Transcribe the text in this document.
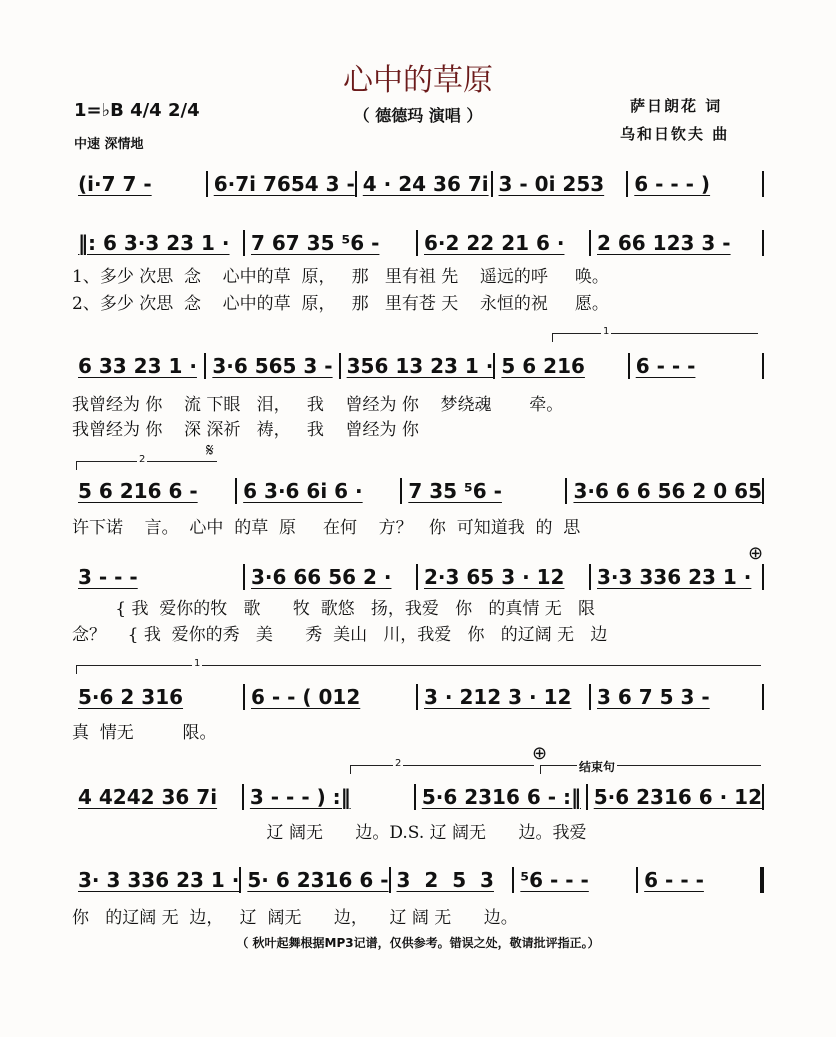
心中的草原
（ 德德玛 演唱 ）
1=♭B 4/4 2/4
中速 深情地
萨日朗花 词
乌和日钦夫 曲
1
2	𝄋
⊕
1
2	⊕
结束句
(i·7 7 -	6·7i 7654 3 - 4 · 24 36 7i 3 - 0i 253	6 - - - )
‖: 6 3·3 23 1 ·	7 67 35 ⁵6 -	6·2 22 21 6 ·	2 66 123 3 -
1、多少 次思  念    心中的草  原，   那   里有祖 先    遥远的呼     唤。
2、多少 次思  念    心中的草  原，   那   里有苍 天    永恒的祝     愿。
6 33 23 1 · 3·6 565 3 - 356 13 23 1 · 5 6 216	6 - - -
我曾经为 你    流 下眼   泪，   我    曾经为 你    梦绕魂       牵。
我曾经为 你    深 深祈   祷，   我    曾经为 你
5 6 216 6 -	6 3·6 6i 6 ·	7 35 ⁵6 -	3·6 6 6 56 2 0 65
许下诺    言。  心中  的草  原     在何    方？   你  可知道我  的  思
3 - - -	3·6 66 56 2 ·	2·3 65 3 · 12	3·3 336 23 1 ·
{ 我  爱你的牧   歌      牧  歌悠   扬，我爱   你   的真情 无   限
念？    { 我  爱你的秀   美      秀  美山   川，我爱   你   的辽阔 无   边
5·6 2 316	6 - - ( 012	3 · 212 3 · 12	3 6 7 5 3 -
真  情无         限。
4 4242 36 7i	3 - - - ) :‖	5·6 2316 6 - :‖ 5·6 2316 6 · 12
辽 阔无      边。D.S. 辽 阔无      边。我爱
3· 3 336 23 1 · 5· 6 2316 6 - 3  2  5  3	⁵6 - - -	6 - - -
你   的辽阔 无  边，   辽  阔无      边，    辽 阔 无      边。
（ 秋叶起舞根据MP3记谱，仅供参考。错误之处，敬请批评指正。）
